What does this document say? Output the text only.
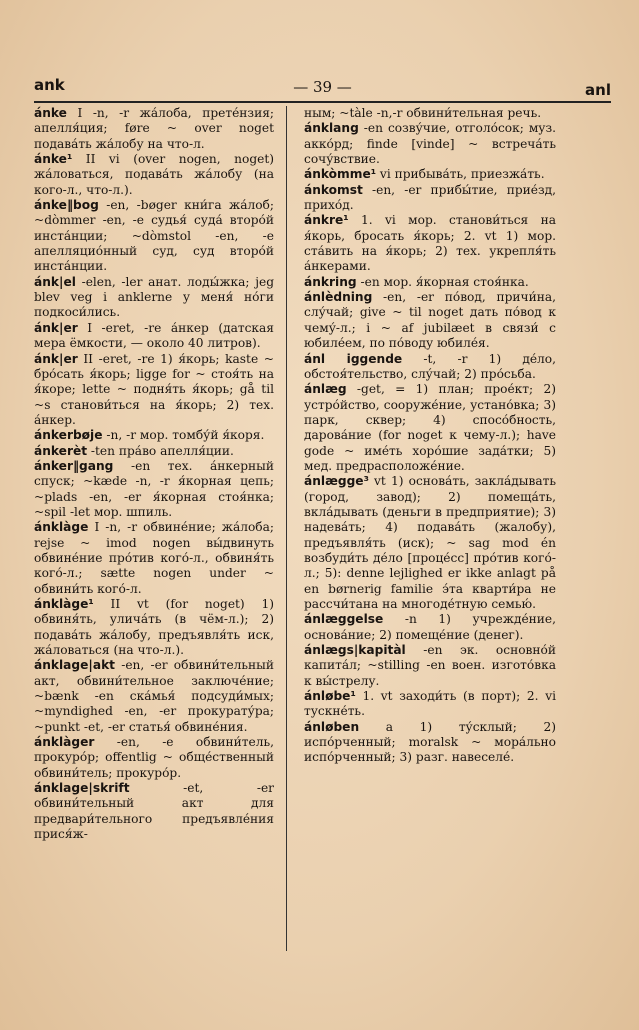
ank	— 39 —	anl

ánke I -n, -r жа́лоба, прете́нзия; апелля́ция; føre ~ over noget подава́ть жа́лобу на что-л.

ánke¹ II vi (over nogen, noget) жа́ловаться, подава́ть жа́лобу (на кого-л., что-л.).

ánke‖bog -en, -bøger кни́га жа́лоб; ~dòmmer -en, -e судья́ суда́ второ́й инста́нции; ~dòmstol -en, -e апелляцио́нный суд, суд второ́й инста́нции.

ánk|el -elen, -ler анат. лоды́жка; jeg blev veg i anklerne у меня́ но́ги подкоси́лись.

ánk|er I -eret, -re а́нкер (датская мера ёмкости, — около 40 литров).

ánk|er II -eret, -re 1) я́корь; kaste ~ бро́сать я́корь; ligge for ~ стоя́ть на я́коре; lette ~ подня́ть я́корь; gå til ~s станови́ться на я́корь; 2) тех. а́нкер.

ánkerbøje -n, -r мор. томбу́й я́коря.

ánkerèt -ten пра́во апелля́ции.

ánker‖gang -en тех. а́нкерный спуск; ~kæde -n, -r я́корная цепь; ~plads -en, -er я́корная стоя́нка; ~spil -let мор. шпиль.

ánklàge I -n, -r обвине́ние; жа́лоба; rejse ~ imod nogen вы́двинуть обвине́ние про́тив кого́-л., обвиня́ть кого́-л.; sætte nogen under ~ обвини́ть кого́-л.

ánklàge¹ II vt (for noget) 1) обвиня́ть, улича́ть (в чём-л.); 2) подава́ть жа́лобу, предъявля́ть иск, жа́ловаться (на что-л.).

ánklage|akt -en, -er обвини́тельный акт, обвини́тельное заключе́ние; ~bænk -en ска́мья́ подсуди́мых; ~myndighed -en, -er прокурату́ра; ~punkt -et, -er статья́ обвине́ния.

ánklàger -en, -e обвини́тель, прокуро́р; offentlig ~ обще́ственный обвини́тель; прокуро́р.

ánklage|skrift -et, -er обвини́тельный акт для предвари́тельного предъявле́ния прися́ж-

ным; ~tàle -n,-r обвини́тельная речь.

ánklang -en созву́чие, отголо́сок; муз. акко́рд; finde [vinde] ~ встреча́ть сочу́вствие.

ánkòmme¹ vi прибыва́ть, приезжа́ть.

ánkomst -en, -er прибы́тие, прие́зд, прихо́д.

ánkre¹ 1. vi мор. станови́ться на я́корь, бросать я́корь; 2. vt 1) мор. ста́вить на я́корь; 2) тех. укрепля́ть а́нкерами.

ánkring -en мор. я́корная стоя́нка.

ánlèdning -en, -er по́вод, причи́на, слу́чай; give ~ til noget дать по́вод к чему́-л.; i ~ af jubilæet в связи́ с юбиле́ем, по по́воду юбиле́я.

ánl iggende -t, -r 1) де́ло, обстоя́тельство, слу́чай; 2) про́сьба.

ánlæg -get, = 1) план; прое́кт; 2) устро́йство, сооруже́ние, устано́вка; 3) парк, сквер; 4) спосо́бность, дарова́ние (for noget к чему-л.); have gode ~ име́ть хоро́шие зада́тки; 5) мед. предрасположе́ние.

ánlægge³ vt 1) основа́ть, закла́дывать (город, завод); 2) помеща́ть, вкла́дывать (деньги в предприятие); 3) надева́ть; 4) подава́ть (жалобу), предъявля́ть (иск); ~ sag mod én возбуди́ть де́ло [проце́сс] про́тив кого́-л.; 5): denne lejlighed er ikke anlagt på en børnerig familie э́та кварти́ра не рассчи́тана на многоде́тную семью́.

ánlæggelse -n 1) учрежде́ние, основа́ние; 2) помеще́ние (денег).

ánlægs|kapitàl -en эк. основно́й капита́л; ~stilling -en воен. изгото́вка к вы́стрелу.

ánløbe¹ 1. vt заходи́ть (в порт); 2. vi тускне́ть.

ánløben a 1) ту́склый; 2) испо́рченный; moralsk ~ мора́льно испо́рченный; 3) разг. навеселе́.
